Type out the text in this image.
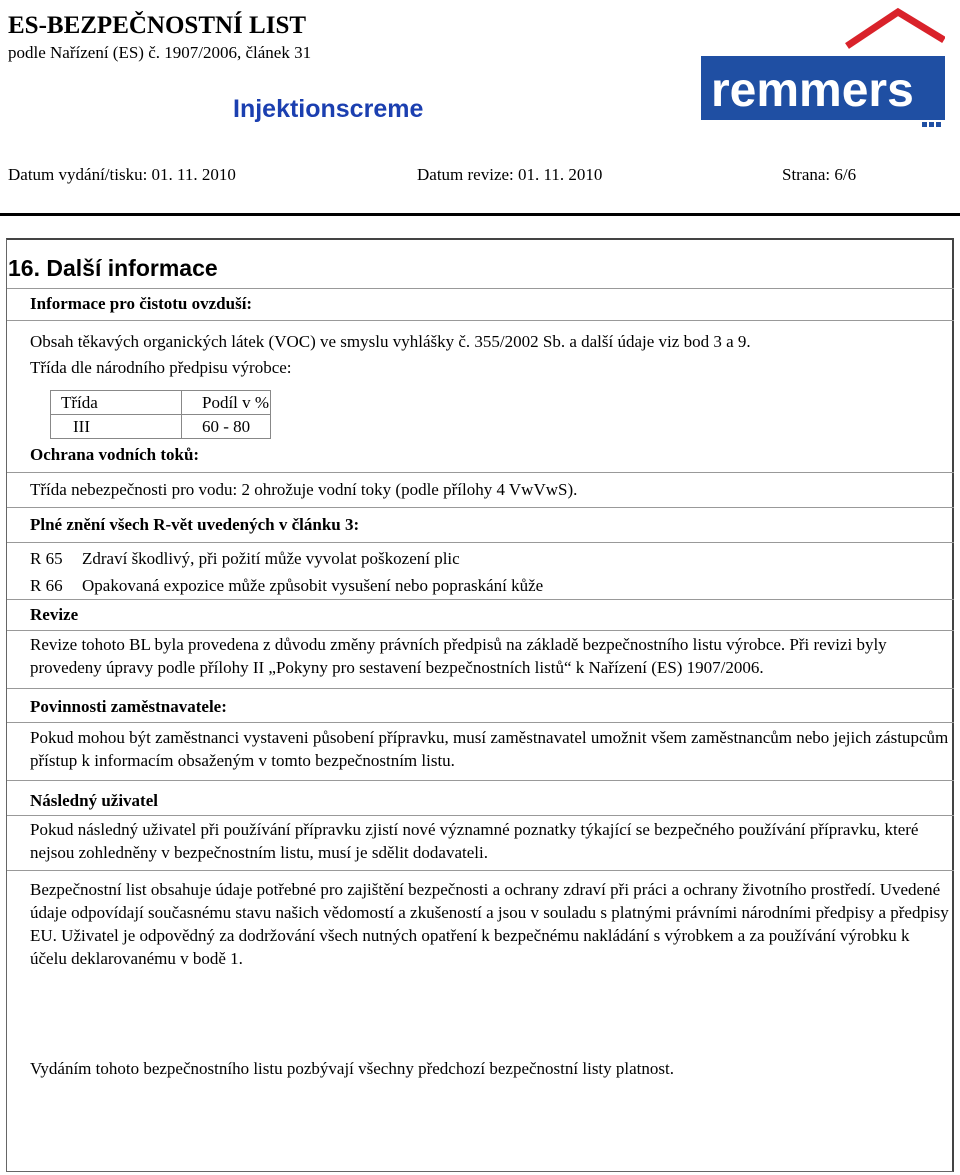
ES-BEZPEČNOSTNÍ LIST
podle Nařízení (ES) č. 1907/2006, článek 31
Injektionscreme
Datum vydání/tisku: 01. 11. 2010	Datum revize: 01. 11. 2010	Strana: 6/6
remmers
16. Další informace
Informace pro čistotu ovzduší:
Obsah těkavých organických látek (VOC) ve smyslu vyhlášky č. 355/2002 Sb. a další údaje viz bod 3 a 9.
Třída dle národního předpisu výrobce:
Třída	Podíl v %
III	60 - 80
Ochrana vodních toků:
Třída nebezpečnosti pro vodu: 2 ohrožuje vodní toky (podle přílohy 4 VwVwS).
Plné znění všech R-vět uvedených v článku 3:
R 65 Zdraví škodlivý, při požití může vyvolat poškození plic
R 66 Opakovaná expozice může způsobit vysušení nebo popraskání kůže
Revize
Revize tohoto BL byla provedena z důvodu změny právních předpisů na základě bezpečnostního listu výrobce. Při revizi byly provedeny úpravy podle přílohy II „Pokyny pro sestavení bezpečnostních listů“ k Nařízení (ES) 1907/2006.
Povinnosti zaměstnavatele:
Pokud mohou být zaměstnanci vystaveni působení přípravku, musí zaměstnavatel umožnit všem zaměstnancům nebo jejich zástupcům přístup k informacím obsaženým v tomto bezpečnostním listu.
Následný uživatel
Pokud následný uživatel při používání přípravku zjistí nové významné poznatky týkající se bezpečného používání přípravku, které nejsou zohledněny v bezpečnostním listu, musí je sdělit dodavateli.
Bezpečnostní list obsahuje údaje potřebné pro zajištění bezpečnosti a ochrany zdraví při práci a ochrany životního prostředí. Uvedené údaje odpovídají současnému stavu našich vědomostí a zkušeností a jsou v souladu s platnými právními národními předpisy a předpisy EU. Uživatel je odpovědný za dodržování všech nutných opatření k bezpečnému nakládání s výrobkem a za používání výrobku k účelu deklarovanému v bodě 1.
Vydáním tohoto bezpečnostního listu pozbývají všechny předchozí bezpečnostní listy platnost.
